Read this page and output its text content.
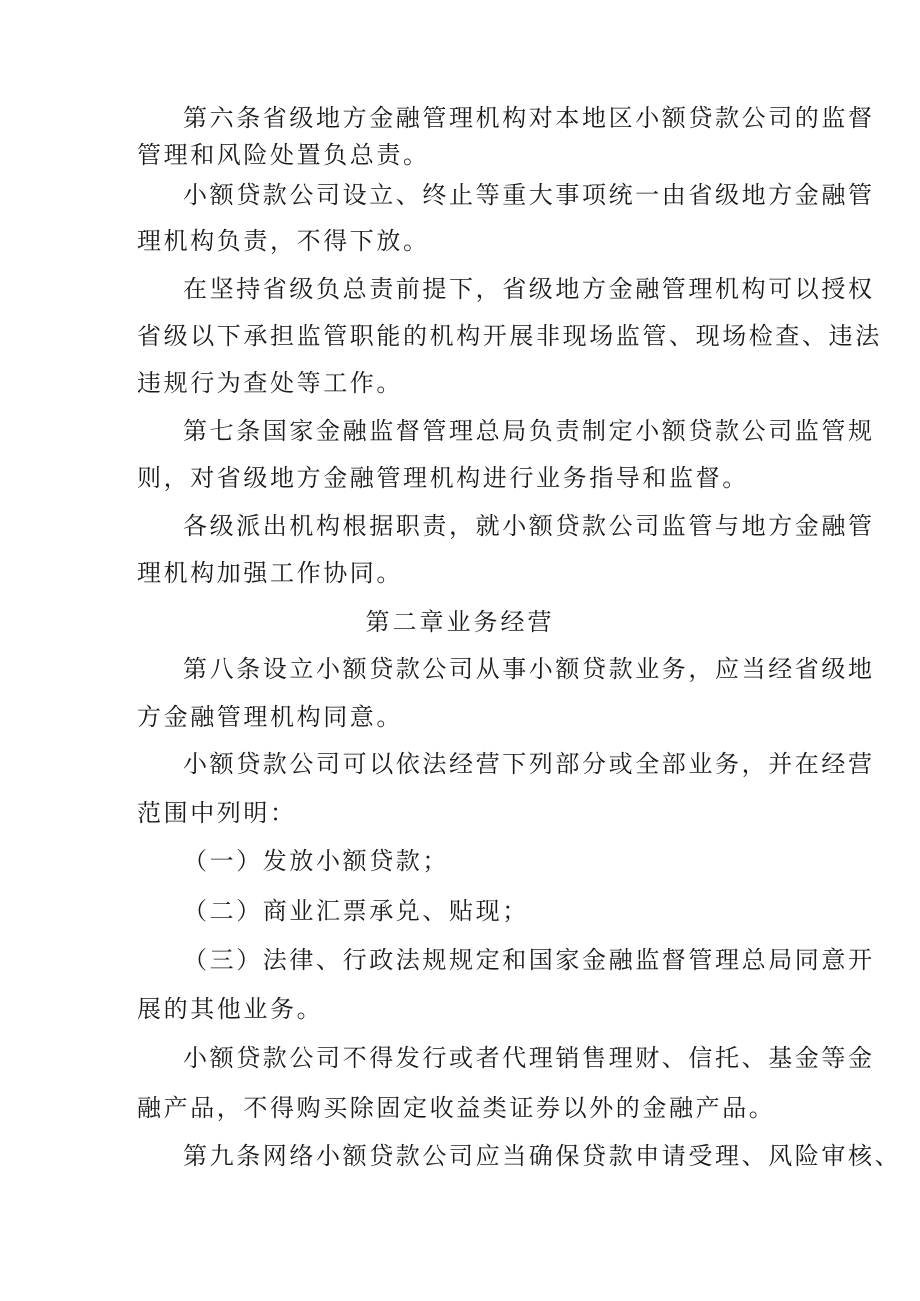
第六条省级地方金融管理机构对本地区小额贷款公司的监督
管理和风险处置负总责。
小额贷款公司设立、终止等重大事项统一由省级地方金融管
理机构负责，不得下放。
在坚持省级负总责前提下，省级地方金融管理机构可以授权
省级以下承担监管职能的机构开展非现场监管、现场检查、违法
违规行为查处等工作。
第七条国家金融监督管理总局负责制定小额贷款公司监管规
则，对省级地方金融管理机构进行业务指导和监督。
各级派出机构根据职责，就小额贷款公司监管与地方金融管
理机构加强工作协同。
第二章业务经营
第八条设立小额贷款公司从事小额贷款业务，应当经省级地
方金融管理机构同意。
小额贷款公司可以依法经营下列部分或全部业务，并在经营
范围中列明：
（一）发放小额贷款；
（二）商业汇票承兑、贴现；
（三）法律、行政法规规定和国家金融监督管理总局同意开
展的其他业务。
小额贷款公司不得发行或者代理销售理财、信托、基金等金
融产品，不得购买除固定收益类证券以外的金融产品。
第九条网络小额贷款公司应当确保贷款申请受理、风险审核、
